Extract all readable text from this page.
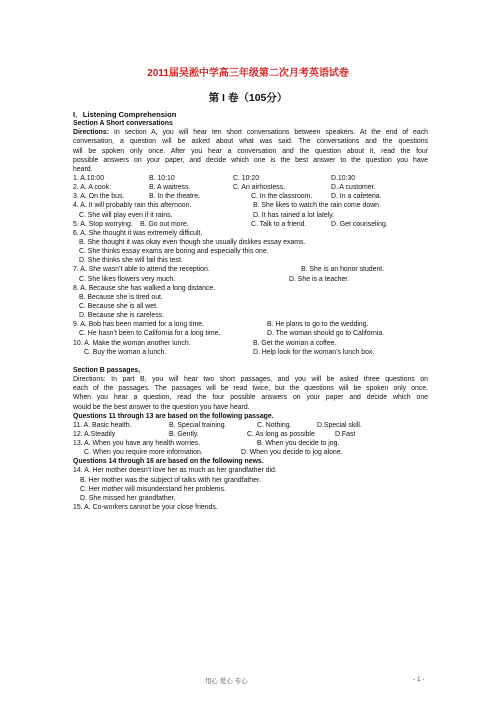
2011届吴淞中学高三年级第二次月考英语试卷
第 I 卷（105分）
I．Listening Comprehension
Section A Short conversations
Directions: In section A, you will hear ten short conversations between speakers. At the end of each
conversation, a question will be asked about what was said. The conversations and the questions
will be spoken only once. After you hear a conversation and the question about it, read the four
possible answers on your paper, and decide which one is the best answer to the question you have
heard.
1. A.10:00	B. 10:10	C. 10:20	D.10:30
2. A. A cook.	B. A waitress.	C. An airhostess.	D. A customer.
3. A. On the bus.	B. In the theatre.	C. In the classroom.	D. In a cafeteria.
4. A. It will probably rain this afternoon.	B. She likes to watch the rain come down
C. She will play even if it rains.	D. It has rained a lot lately.
5. A. Stop worrying. B. Go out more.	C. Talk to a friend.	D. Get counseling.
6. A. She thought it was extremely difficult.
B. She thought it was okay even though she usually dislikes essay exams.
C. She thinks essay exams are boring and especially this one.
D. She thinks she will fail this test.
7. A. She wasn’t able to attend the reception.	B. She is an honor student.
C. She likes flowers very much.	D. She is a teacher.
8. A. Because she has walked a long distance.
B. Because she is tired out.
C. Because she is all wet.
D. Because she is careless.
9. A. Bob has been married for a long time.	B. He plans to go to the wedding.
C. He hasn’t been to California for a long time.	D. The woman should go to California.
10. A. Make the woman another lunch.	B. Get the woman a coffee.
C. Buy the woman a lunch.	D. Help look for the woman’s lunch box.
Section B passages,
Directions: In part B, you will hear two short passages, and you will be asked three questions on
each of the passages. The passages will be read twice, but the questions will be spoken only once.
When you hear a question, read the four possible answers on your paper and decide which one
would be the best answer to the question you have heard.
Questions 11 through 13 are based on the following passage.
11. A. Basic health.	B. Special training.	C. Nothing.	D.Special skill.
12. A.Steadily	B. Gently.	C. As long as possible	D.Fast
13. A. When you have any health worries.	B. When you decide to jog.
C. When you require more information.	D. When you decide to jog alone.
Questions 14 through 16 are based on the following news.
14. A. Her mother doesn’t love her as much as her grandfather did.
B. Her mother was the subject of talks with her grandfather.
C. Her mother will misunderstand her problems.
D. She missed her grandfather.
15. A. Co-workers cannot be your close friends.
用心 爱心 专心	- 1 -
